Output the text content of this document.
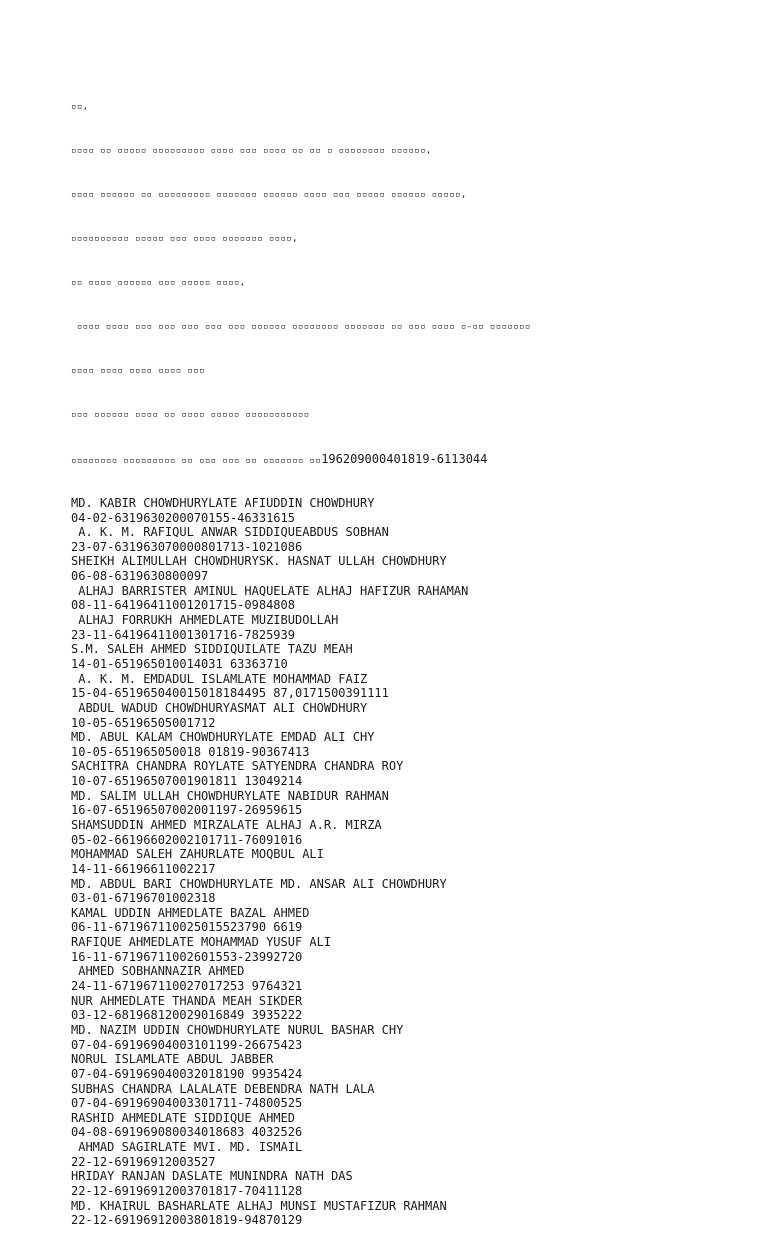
▫▫,

▫▫▫▫ ▫▫ ▫▫▫▫▫ ▫▫▫▫▫▫▫▫▫ ▫▫▫▫ ▫▫▫ ▫▫▫▫ ▫▫ ▫▫ ▫ ▫▫▫▫▫▫▫▫ ▫▫▫▫▫▫,

▫▫▫▫ ▫▫▫▫▫▫ ▫▫ ▫▫▫▫▫▫▫▫▫ ▫▫▫▫▫▫▫ ▫▫▫▫▫▫ ▫▫▫▫ ▫▫▫ ▫▫▫▫▫ ▫▫▫▫▫▫ ▫▫▫▫▫,

▫▫▫▫▫▫▫▫▫▫ ▫▫▫▫▫ ▫▫▫ ▫▫▫▫ ▫▫▫▫▫▫▫ ▫▫▫▫,

▫▫ ▫▫▫▫ ▫▫▫▫▫▫ ▫▫▫ ▫▫▫▫▫ ▫▫▫▫,

▫▫▫▫ ▫▫▫▫ ▫▫▫ ▫▫▫ ▫▫▫ ▫▫▫ ▫▫▫ ▫▫▫▫▫▫ ▫▫▫▫▫▫▫▫ ▫▫▫▫▫▫▫ ▫▫ ▫▫▫ ▫▫▫▫ ▫-▫▫ ▫▫▫▫▫▫▫

▫▫▫▫ ▫▫▫▫ ▫▫▫▫ ▫▫▫▫ ▫▫▫

▫▫▫ ▫▫▫▫▫▫ ▫▫▫▫ ▫▫ ▫▫▫▫ ▫▫▫▫▫ ▫▫▫▫▫▫▫▫▫▫▫

▫▫▫▫▫▫▫▫ ▫▫▫▫▫▫▫▫▫ ▫▫ ▫▫▫ ▫▫▫ ▫▫ ▫▫▫▫▫▫▫ ▫▫196209000401819-6113044

MD. KABIR CHOWDHURYLATE AFIUDDIN CHOWDHURY
04-02-6319630200070155-46331615
A. K. M. RAFIQUL ANWAR SIDDIQUEABDUS SOBHAN
23-07-631963070000801713-1021086
SHEIKH ALIMULLAH CHOWDHURYSK. HASNAT ULLAH CHOWDHURY
06-08-6319630800097
ALHAJ BARRISTER AMINUL HAQUELATE ALHAJ HAFIZUR RAHAMAN
08-11-64196411001201715-0984808
ALHAJ FORRUKH AHMEDLATE MUZIBUDOLLAH
23-11-64196411001301716-7825939
S.M. SALEH AHMED SIDDIQUILATE TAZU MEAH
14-01-651965010014031 63363710
A. K. M. EMDADUL ISLAMLATE MOHAMMAD FAIZ
15-04-651965040015018184495 87,0171500391111
ABDUL WADUD CHOWDHURYASMAT ALI CHOWDHURY
10-05-65196505001712
MD. ABUL KALAM CHOWDHURYLATE EMDAD ALI CHY
10-05-651965050018 01819-90367413
SACHITRA CHANDRA ROYLATE SATYENDRA CHANDRA ROY
10-07-65196507001901811 13049214
MD. SALIM ULLAH CHOWDHURYLATE NABIDUR RAHMAN
16-07-65196507002001197-26959615
SHAMSUDDIN AHMED MIRZALATE ALHAJ A.R. MIRZA
05-02-66196602002101711-76091016
MOHAMMAD SALEH ZAHURLATE MOQBUL ALI
14-11-66196611002217
MD. ABDUL BARI CHOWDHURYLATE MD. ANSAR ALI CHOWDHURY
03-01-67196701002318
KAMAL UDDIN AHMEDLATE BAZAL AHMED
06-11-671967110025015523790 6619
RAFIQUE AHMEDLATE MOHAMMAD YUSUF ALI
16-11-67196711002601553-23992720
AHMED SOBHANNAZIR AHMED
24-11-671967110027017253 9764321
NUR AHMEDLATE THANDA MEAH SIKDER
03-12-681968120029016849 3935222
MD. NAZIM UDDIN CHOWDHURYLATE NURUL BASHAR CHY
07-04-69196904003101199-26675423
NORUL ISLAMLATE ABDUL JABBER
07-04-691969040032018190 9935424
SUBHAS CHANDRA LALALATE DEBENDRA NATH LALA
07-04-69196904003301711-74800525
RASHID AHMEDLATE SIDDIQUE AHMED
04-08-691969080034018683 4032526
AHMAD SAGIRLATE MVI. MD. ISMAIL
22-12-69196912003527
HRIDAY RANJAN DASLATE MUNINDRA NATH DAS
22-12-69196912003701817-70411128
MD. KHAIRUL BASHARLATE ALHAJ MUNSI MUSTAFIZUR RAHMAN
22-12-69196912003801819-94870129
